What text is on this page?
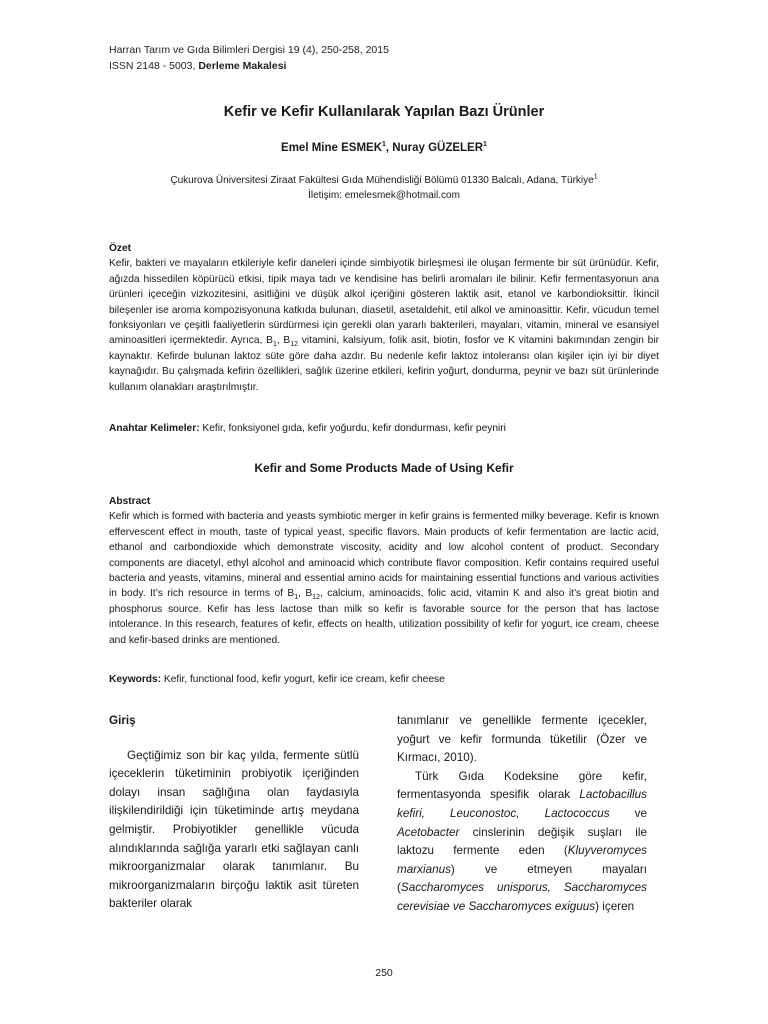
Harran Tarım ve Gıda Bilimleri Dergisi 19 (4), 250-258, 2015
ISSN 2148 - 5003, Derleme Makalesi
Kefir ve Kefir Kullanılarak Yapılan Bazı Ürünler
Emel Mine ESMEK$^1$, Nuray GÜZELER$^1$
Çukurova Üniversitesi Ziraat Fakültesi Gıda Mühendisliği Bölümü 01330 Balcalı, Adana, Türkiye$^1$
İletişim: emelesmek@hotmail.com
Özet
Kefir, bakteri ve mayaların etkileriyle kefir daneleri içinde simbiyotik birleşmesi ile oluşan fermente bir süt ürünüdür. Kefir, ağızda hissedilen köpürücü etkisi, tipik maya tadı ve kendisine has belirli aromaları ile bilinir. Kefir fermentasyonun ana ürünleri içeceğin vizkozitesini, asitliğini ve düşük alkol içeriğini gösteren laktik asit, etanol ve karbondioksittir. İkincil bileşenler ise aroma kompozisyonuna katkıda bulunan, diasetil, asetaldehit, etil alkol ve aminoasittir. Kefir, vücudun temel fonksiyonları ve çeşitli faaliyetlerin sürdürmesi için gerekli olan yararlı bakterileri, mayaları, vitamin, mineral ve esansiyel aminoasitleri içermektedir. Ayrıca, $B_1$, $B_{12}$ vitamini, kalsiyum, folik asit, biotin, fosfor ve K vitamini bakımından zengin bir kaynaktır. Kefirde bulunan laktoz süte göre daha azdır. Bu nedenle kefir laktoz intoleransı olan kişiler için iyi bir diyet kaynağıdır. Bu çalışmada kefirin özellikleri, sağlık üzerine etkileri, kefirin yoğurt, dondurma, peynir ve bazı süt ürünlerinde kullanım olanakları araştırılmıştır.
Anahtar Kelimeler: Kefir, fonksiyonel gıda, kefir yoğurdu, kefir dondurması, kefir peyniri
Kefir and Some Products Made of Using Kefir
Abstract
Kefir which is formed with bacteria and yeasts symbiotic merger in kefir grains is fermented milky beverage. Kefir is known effervescent effect in mouth, taste of typical yeast, specific flavors. Main products of kefir fermentation are lactic acid, ethanol and carbondioxide which demonstrate viscosity, acidity and low alcohol content of product. Secondary components are diacetyl, ethyl alcohol and aminoacid which contribute flavor composition. Kefir contains required useful bacteria and yeasts, vitamins, mineral and essential amino acids for maintaining essential functions and various activities in body. It’s rich resource in terms of $B_1$, $B_{12}$, calcium, aminoacids, folic acid, vitamin K and also it’s great biotin and phosphorus source. Kefir has less lactose than milk so kefir is favorable source for the person that has lactose intolerance. In this research, features of kefir, effects on health, utilization possibility of kefir for yogurt, ice cream, cheese and kefir-based drinks are mentioned.
Keywords: Kefir, functional food, kefir yogurt, kefir ice cream, kefir cheese

Giriş

Geçtiğimiz son bir kaç yılda, fermente sütlü içeceklerin tüketiminin probiyotik içeriğinden dolayı insan sağlığına olan faydasıyla ilişkilendirildiği için tüketiminde artış meydana gelmiştir. Probiyotikler genellikle vücuda alındıklarında sağlığa yararlı etki sağlayan canlı mikroorganizmalar olarak tanımlanır. Bu mikroorganizmaların birçoğu laktik asit türeten bakteriler olarak

tanımlanır ve genellikle fermente içecekler, yoğurt ve kefir formunda tüketilir (Özer ve Kırmacı, 2010).

Türk Gıda Kodeksine göre kefir, fermentasyonda spesifik olarak Lactobacillus kefiri, Leuconostoc, Lactococcus ve Acetobacter cinslerinin değişik suşları ile laktozu fermente eden (Kluyveromyces marxianus) ve etmeyen mayaları (Saccharomyces unisporus, Saccharomyces cerevisiae ve Saccharomyces exiguus) içeren

250
